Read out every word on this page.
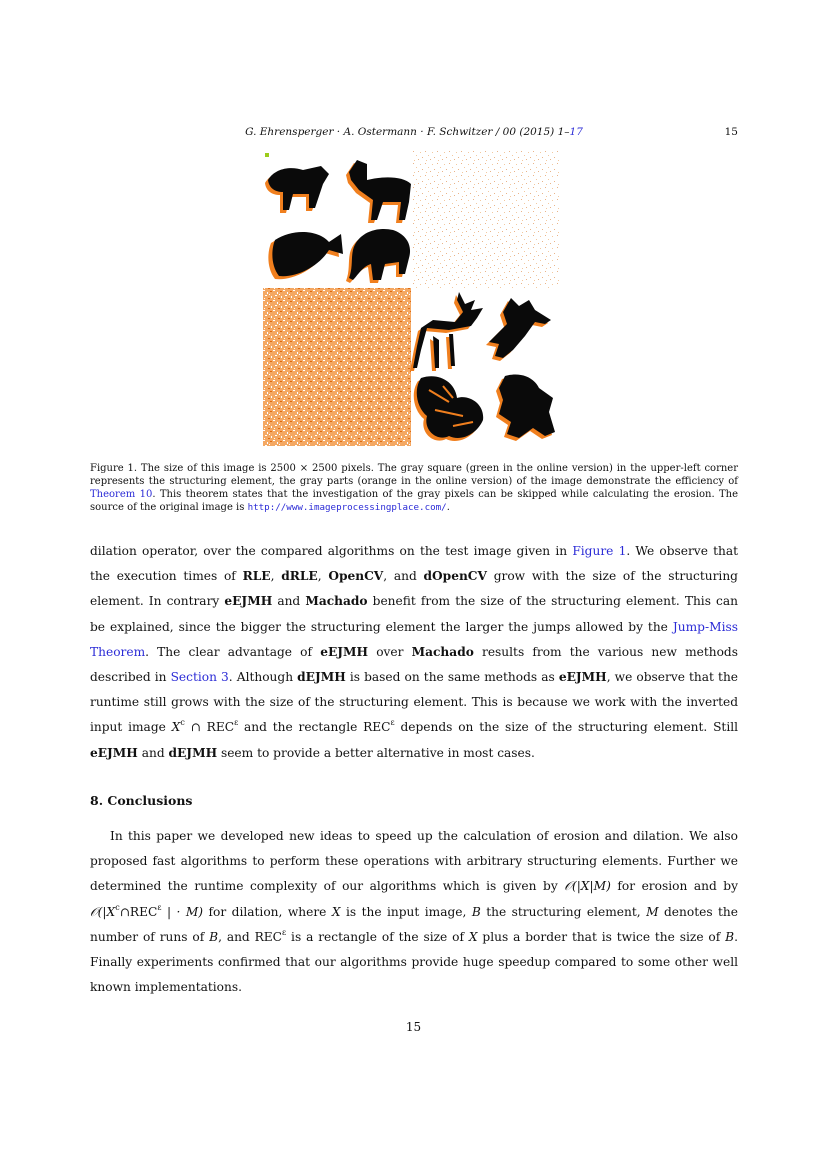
G. Ehrensperger · A. Ostermann · F. Schwitzer / 00 (2015) 1–17	15
Figure 1. The size of this image is 2500 × 2500 pixels. The gray square (green in the online version) in the upper-left corner represents the structuring element, the gray parts (orange in the online version) of the image demonstrate the efficiency of Theorem 10. This theorem states that the investigation of the gray pixels can be skipped while calculating the erosion. The source of the original image is http://www.imageprocessingplace.com/.

dilation operator, over the compared algorithms on the test image given in Figure 1. We observe that the execution times of RLE, dRLE, OpenCV, and dOpenCV grow with the size of the structuring element. In contrary eEJMH and Machado benefit from the size of the structuring element. This can be explained, since the bigger the structuring element the larger the jumps allowed by the Jump-Miss Theorem. The clear advantage of eEJMH over Machado results from the various new methods described in Section 3. Although dEJMH is based on the same methods as eEJMH, we observe that the runtime still grows with the size of the structuring element. This is because we work with the inverted input image $X^c$ ∩ $REC^\varepsilon$ and the rectangle $REC^\varepsilon$ depends on the size of the structuring element. Still eEJMH and dEJMH seem to provide a better alternative in most cases.

8. Conclusions

In this paper we developed new ideas to speed up the calculation of erosion and dilation. We also proposed fast algorithms to perform these operations with arbitrary structuring elements. Further we determined the runtime complexity of our algorithms which is given by 𝒪(|X|M) for erosion and by $𝒪(|X^c\cap REC^\varepsilon$ | · M) for dilation, where X is the input image, B the structuring element, M denotes the number of runs of B, and $REC^\varepsilon$ is a rectangle of the size of X plus a border that is twice the size of B. Finally experiments confirmed that our algorithms provide huge speedup compared to some other well known implementations.

15
